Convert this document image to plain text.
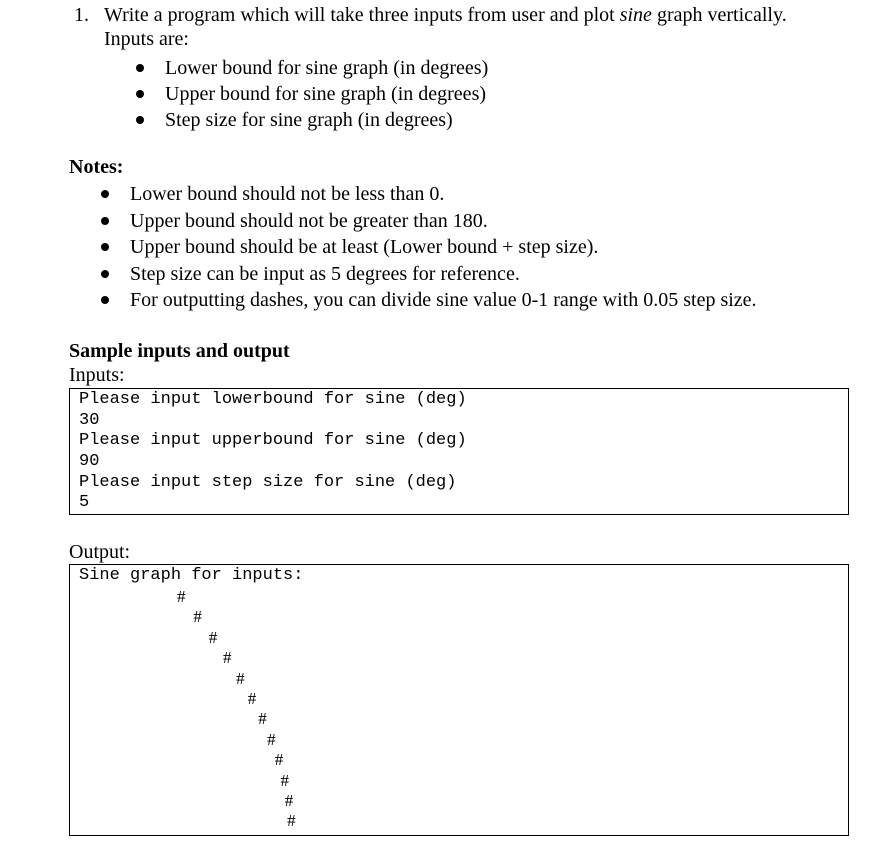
1. Write a program which will take three inputs from user and plot sine graph vertically.
Inputs are:
Lower bound for sine graph (in degrees)
Upper bound for sine graph (in degrees)
Step size for sine graph (in degrees)
Notes:
Lower bound should not be less than 0.
Upper bound should not be greater than 180.
Upper bound should be at least (Lower bound + step size).
Step size can be input as 5 degrees for reference.
For outputting dashes, you can divide sine value 0-1 range with 0.05 step size.
Sample inputs and output
Inputs:
Please input lowerbound for sine (deg)
30
Please input upperbound for sine (deg)
90
Please input step size for sine (deg)
5
Output:
Sine graph for inputs:
#
#
#
#
#
#
#
#
#
#
#
#
